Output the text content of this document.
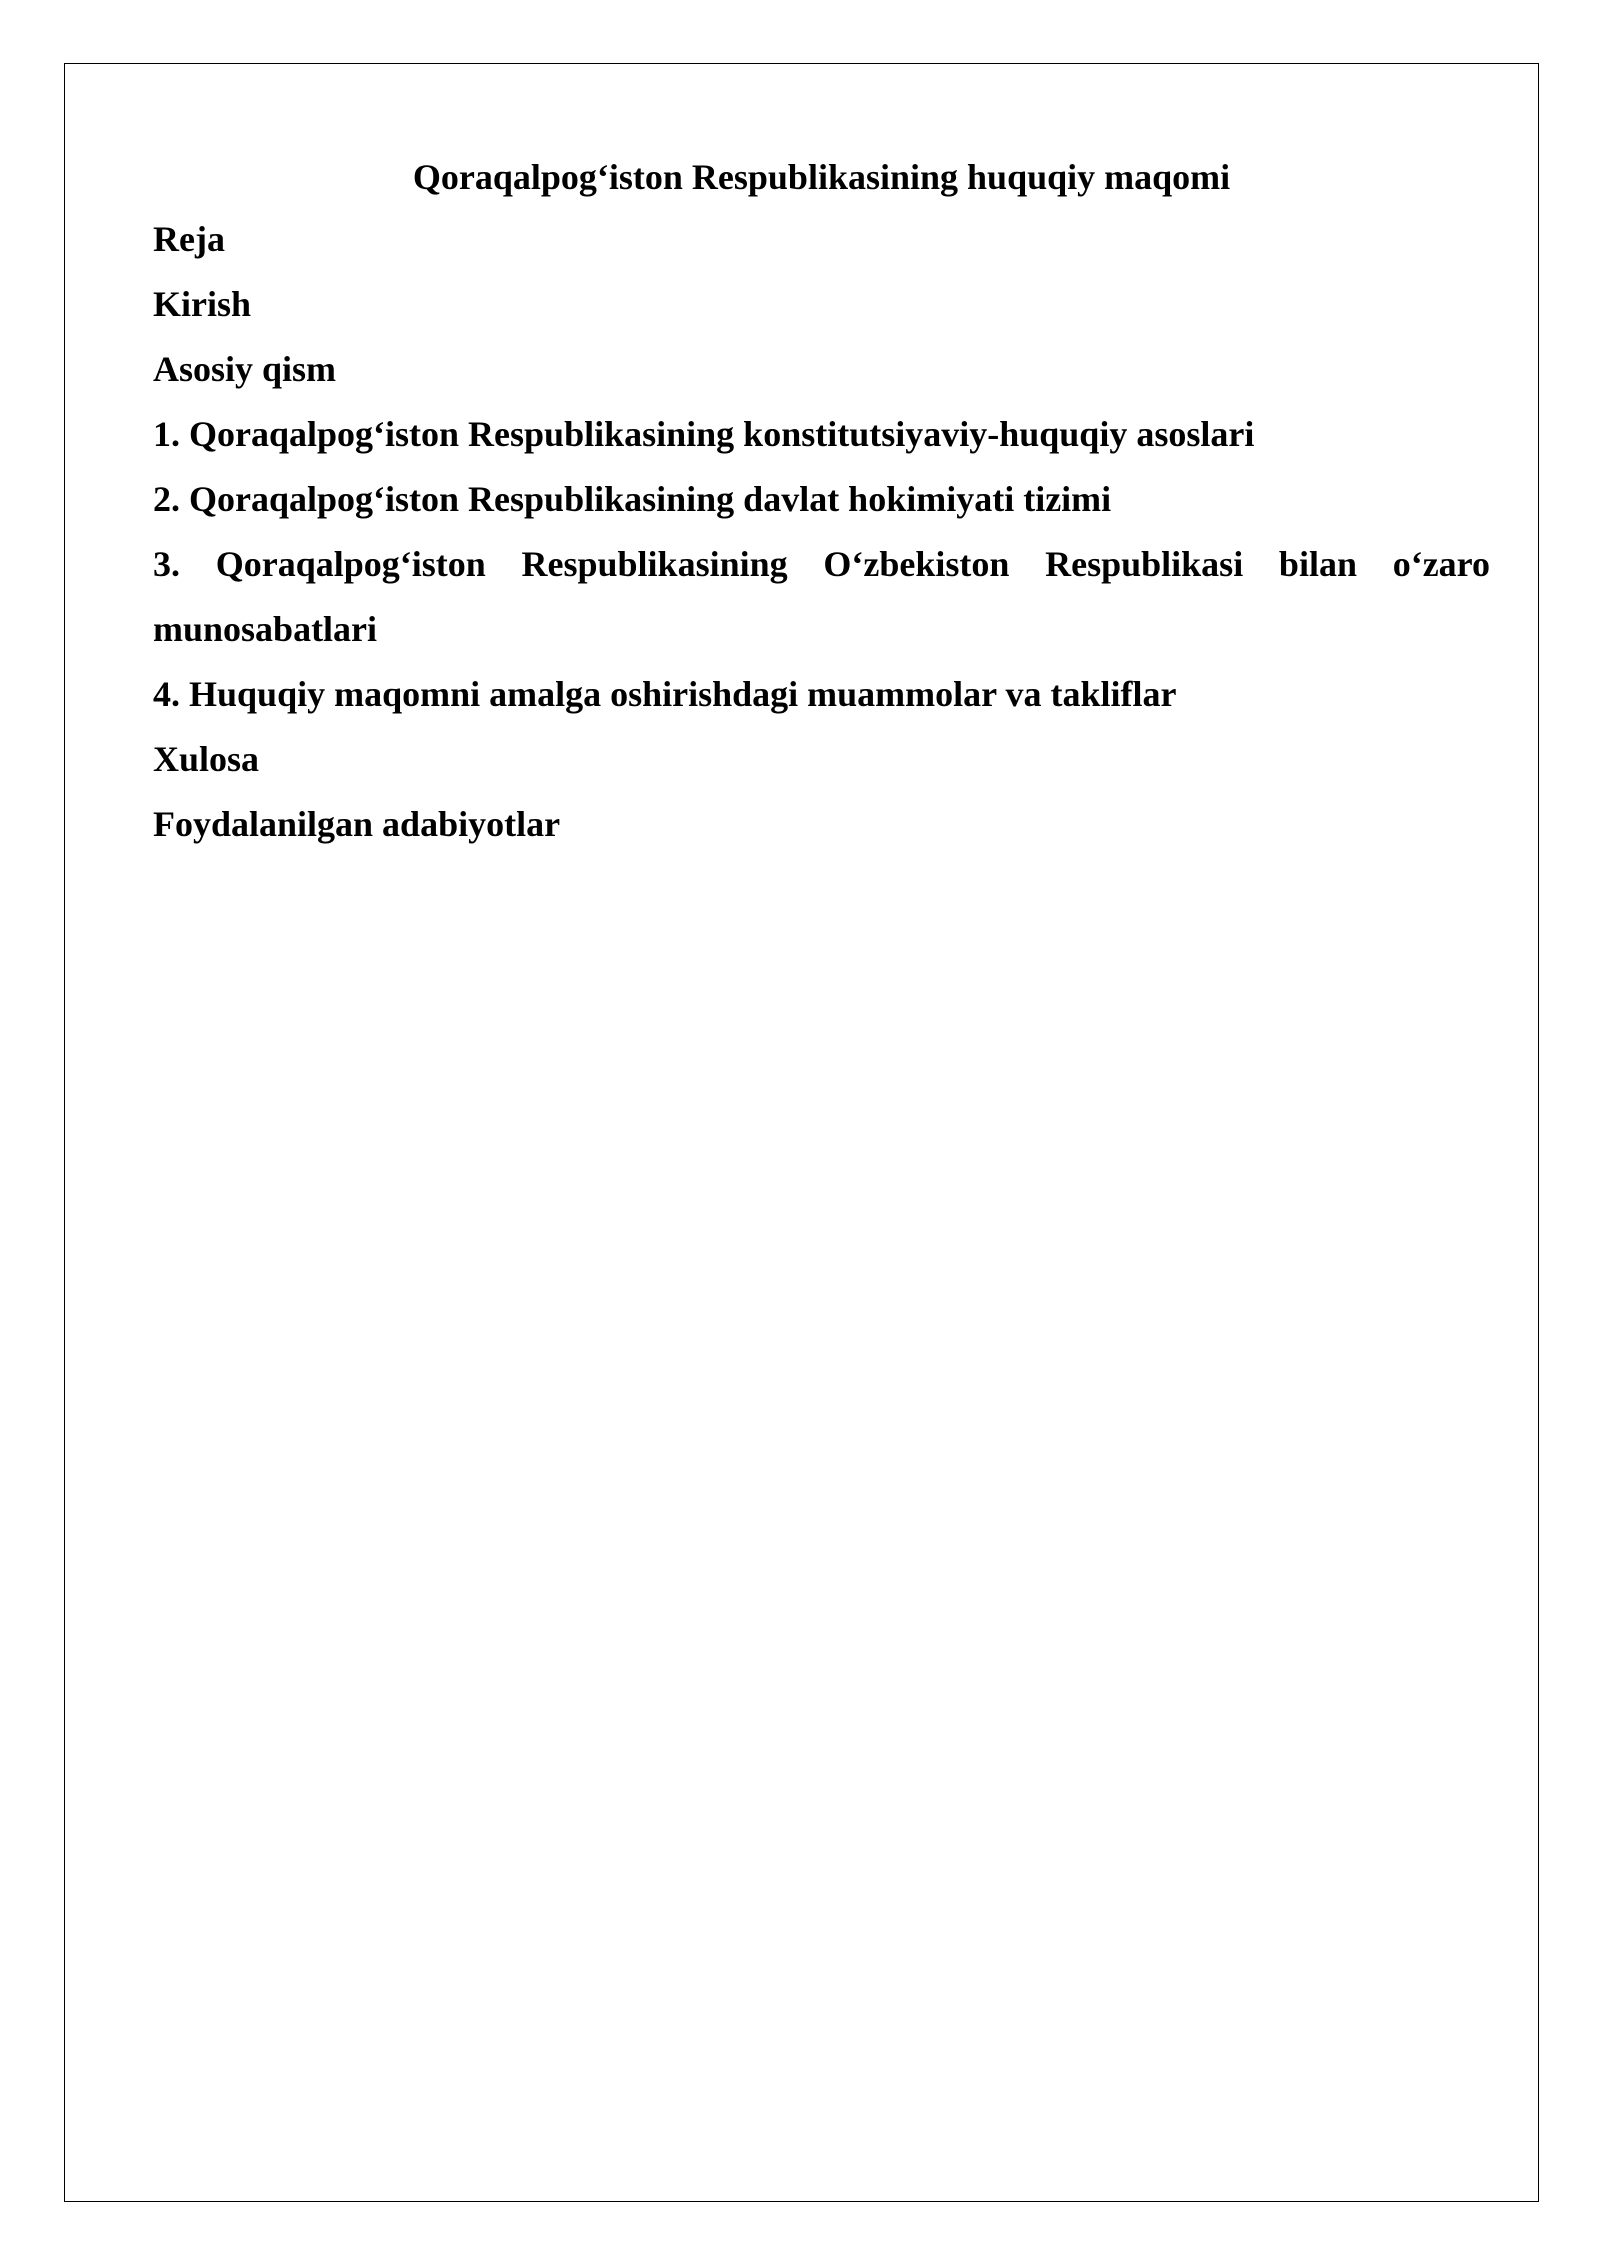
Qoraqalpog‘iston Respublikasining huquqiy maqomi

Reja

Kirish

Asosiy qism

1. Qoraqalpog‘iston Respublikasining konstitutsiyaviy-huquqiy asoslari

2. Qoraqalpog‘iston Respublikasining davlat hokimiyati tizimi

3. Qoraqalpog‘iston Respublikasining O‘zbekiston Respublikasi bilan o‘zaro munosabatlari

4. Huquqiy maqomni amalga oshirishdagi muammolar va takliflar

Xulosa

Foydalanilgan adabiyotlar
